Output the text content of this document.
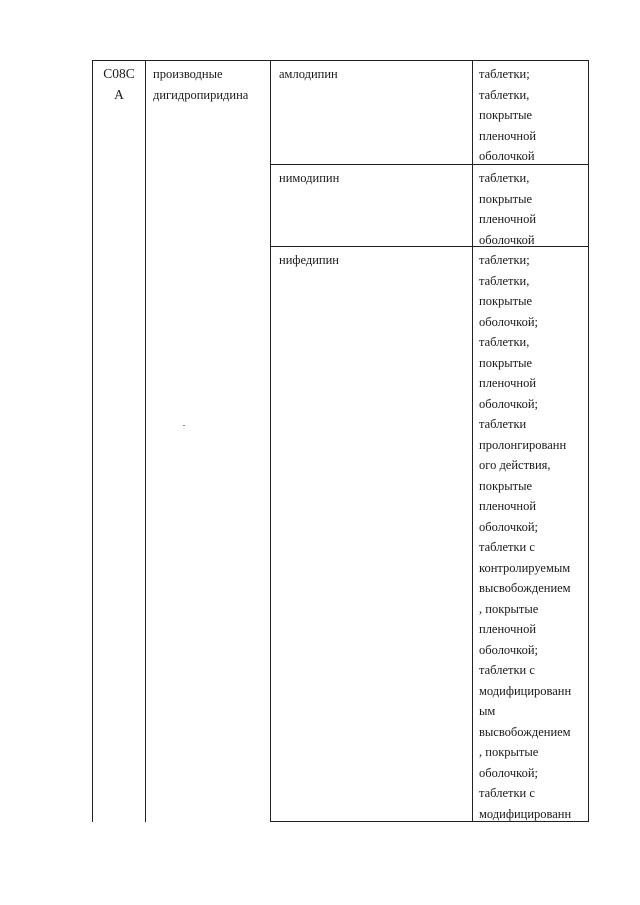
C08C
A
производные
дигидропиридина
амлодипин	таблетки;
таблетки,
покрытые
пленочной
оболочкой
нимодипин	таблетки,
покрытые
пленочной
оболочкой
нифедипин	таблетки;
таблетки,
покрытые
оболочкой;
таблетки,
покрытые
пленочной
оболочкой;
таблетки
пролонгированн
ого действия,
покрытые
пленочной
оболочкой;
таблетки с
контролируемым
высвобождением
, покрытые
пленочной
оболочкой;
таблетки с
модифицированн
ым
высвобождением
, покрытые
оболочкой;
таблетки с
модифицированн
